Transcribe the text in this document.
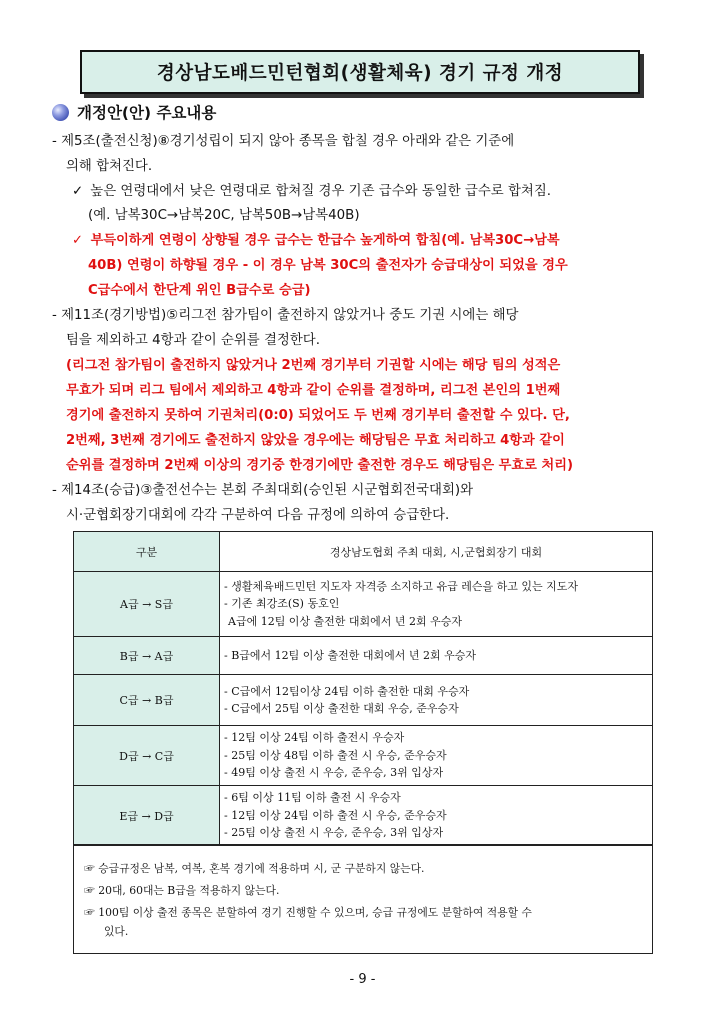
경상남도배드민턴협회(생활체육) 경기 규정 개정
개정안(안) 주요내용
- 제5조(출전신청)⑧경기성립이 되지 않아 종목을 합칠 경우 아래와 같은 기준에
의해 합쳐진다.
✓ 높은 연령대에서 낮은 연령대로 합쳐질 경우 기존 급수와 동일한 급수로 합쳐짐.
(예. 남복30C→남복20C, 남복50B→남복40B)
✓ 부득이하게 연령이 상향될 경우 급수는 한급수 높게하여 합침(예. 남복30C→남복
40B) 연령이 하향될 경우 - 이 경우 남복 30C의 출전자가 승급대상이 되었을 경우
C급수에서 한단계 위인 B급수로 승급)
- 제11조(경기방법)⑤리그전 참가팀이 출전하지 않았거나 중도 기권 시에는 해당
팀을 제외하고 4항과 같이 순위를 결정한다.
(리그전 참가팀이 출전하지 않았거나 2번째 경기부터 기권할 시에는 해당 팀의 성적은
무효가 되며 리그 팀에서 제외하고 4항과 같이 순위를 결정하며, 리그전 본인의 1번째
경기에 출전하지 못하여 기권처리(0:0) 되었어도 두 번째 경기부터 출전할 수 있다. 단,
2번째, 3번째 경기에도 출전하지 않았을 경우에는 해당팀은 무효 처리하고 4항과 같이
순위를 결정하며 2번째 이상의 경기중 한경기에만 출전한 경우도 해당팀은 무효로 처리)
- 제14조(승급)③출전선수는 본회 주최대회(승인된 시군협회전국대회)와
시·군협회장기대회에 각각 구분하여 다음 규정에 의하여 승급한다.
구분	경상남도협회 주최 대회, 시,군협회장기 대회
A급 → S급	- 생활체육배드민턴 지도자 자격증 소지하고 유급 레슨을 하고 있는 지도자
- 기존 최강조(S) 동호인
A급에 12팀 이상 출전한 대회에서 년 2회 우승자

B급 → A급	- B급에서 12팀 이상 출전한 대회에서 년 2회 우승자

C급 → B급	- C급에서 12팀이상 24팀 이하 출전한 대회 우승자
- C급에서 25팀 이상 출전한 대회 우승, 준우승자

D급 → C급	- 12팀 이상 24팀 이하 출전시 우승자
- 25팀 이상 48팀 이하 출전 시 우승, 준우승자
- 49팀 이상 출전 시 우승, 준우승, 3위 입상자

E급 → D급	- 6팀 이상 11팀 이하 출전 시 우승자
- 12팀 이상 24팀 이하 출전 시 우승, 준우승자
- 25팀 이상 출전 시 우승, 준우승, 3위 입상자
☞ 승급규정은 남복, 여복, 혼복 경기에 적용하며 시, 군 구분하지 않는다.
☞ 20대, 60대는 B급을 적용하지 않는다.
☞ 100팀 이상 출전 종목은 분할하여 경기 진행할 수 있으며, 승급 규정에도 분할하여 적용할 수
있다.
- 9 -
